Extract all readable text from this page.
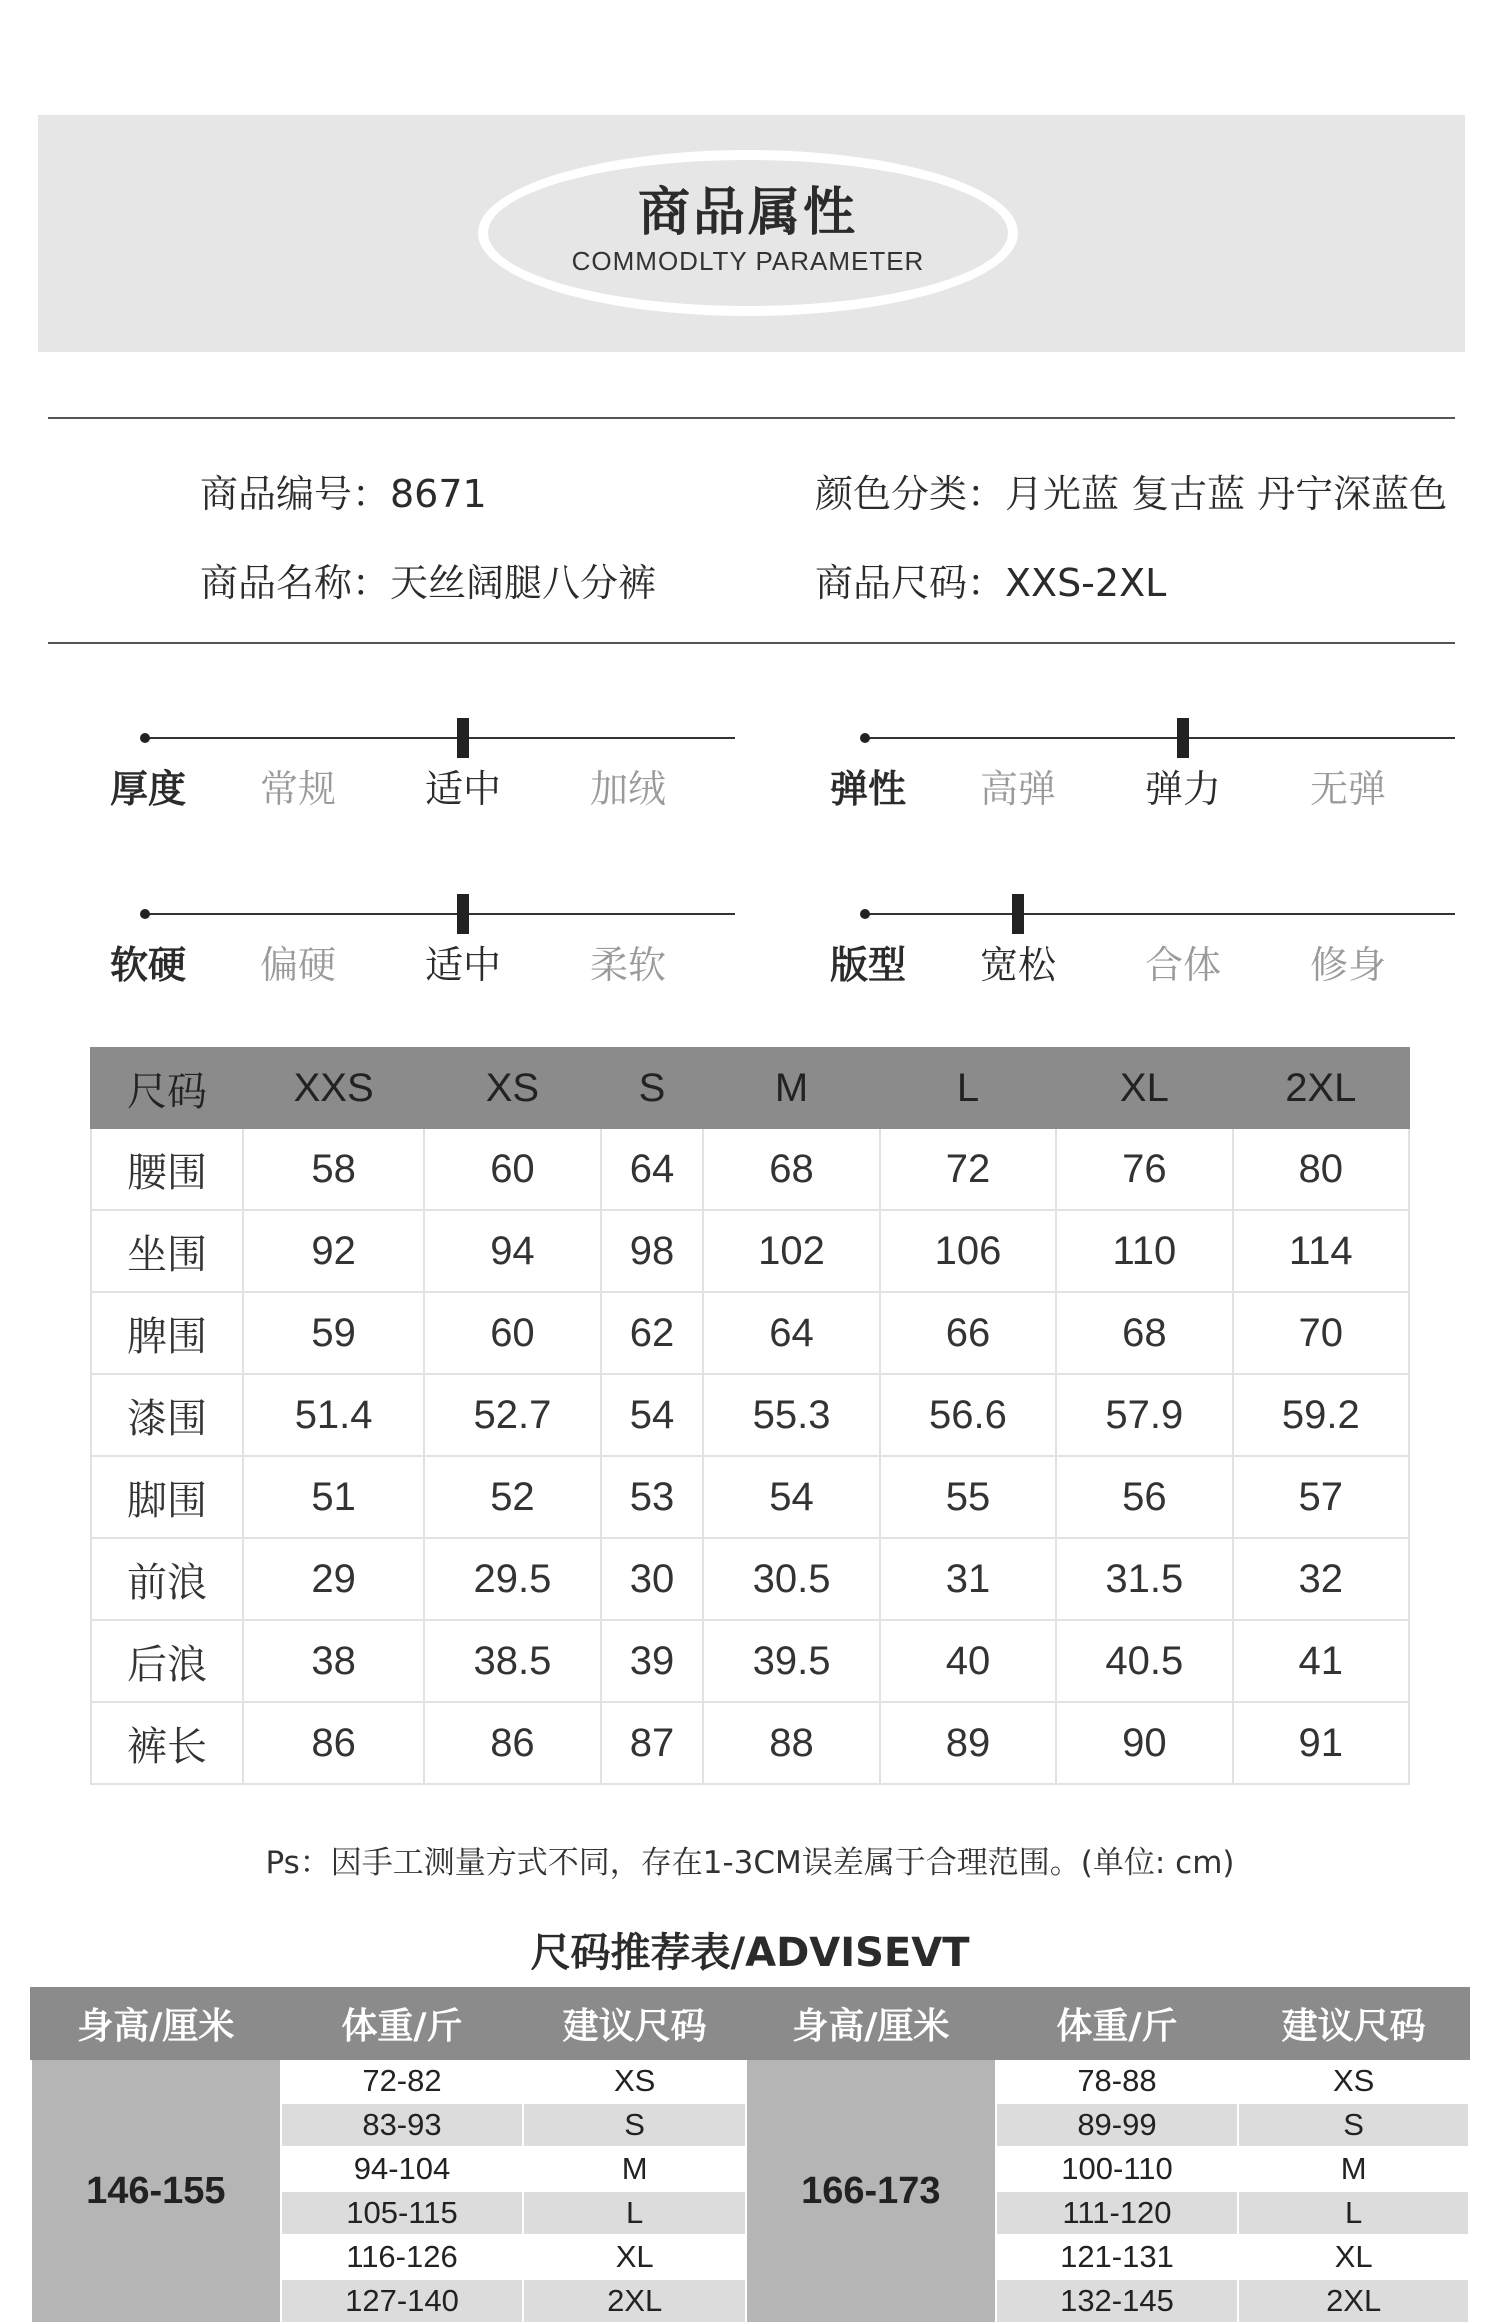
商品属性
COMMODLTY PARAMETER
商品编号：8671	颜色分类：月光蓝 复古蓝 丹宁深蓝色
商品名称：天丝阔腿八分裤	商品尺码：XXS-2XL
厚度 常规 适中 加绒	弹性 高弹 弹力 无弹
软硬 偏硬 适中 柔软	版型 宽松 合体 修身
尺码	XXS	XS	S	M	L	XL	2XL
腰围	58	60	64	68	72	76	80
坐围	92	94	98	102	106	110	114
脾围	59	60	62	64	66	68	70
漆围	51.4	52.7	54	55.3	56.6	57.9	59.2
脚围	51	52	53	54	55	56	57
前浪	29	29.5	30	30.5	31	31.5	32
后浪	38	38.5	39	39.5	40	40.5	41
裤长	86	86	87	88	89	90	91
Ps：因手工测量方式不同，存在1-3CM误差属于合理范围。(单位: cm)
尺码推荐表/ADVISEVT
身高/厘米	体重/斤	建议尺码	身高/厘米	体重/斤	建议尺码
146-155	72-82	XS	166-173	78-88	XS
	83-93	S		89-99	S
	94-104	M		100-110	M
	105-115	L		111-120	L
	116-126	XL		121-131	XL
	127-140	2XL		132-145	2XL
